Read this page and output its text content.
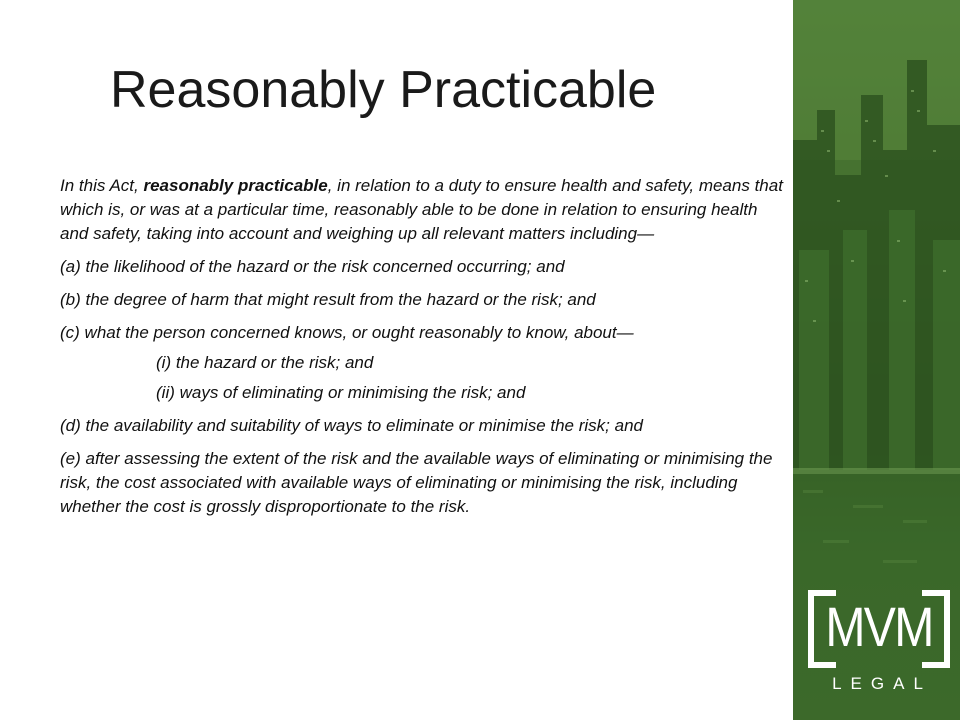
Reasonably Practicable

In this Act, reasonably practicable, in relation to a duty to ensure health and safety, means that which is, or was at a particular time, reasonably able to be done in relation to ensuring health and safety, taking into account and weighing up all relevant matters including—

(a) the likelihood of the hazard or the risk concerned occurring; and

(b) the degree of harm that might result from the hazard or the risk; and

(c) what the person concerned knows, or ought reasonably to know, about—

(i) the hazard or the risk; and

(ii) ways of eliminating or minimising the risk; and

(d) the availability and suitability of ways to eliminate or minimise the risk; and

(e) after assessing the extent of the risk and the available ways of eliminating or minimising the risk, the cost associated with available ways of eliminating or minimising the risk, including whether the cost is grossly disproportionate to the risk.

MVM
LEGAL
